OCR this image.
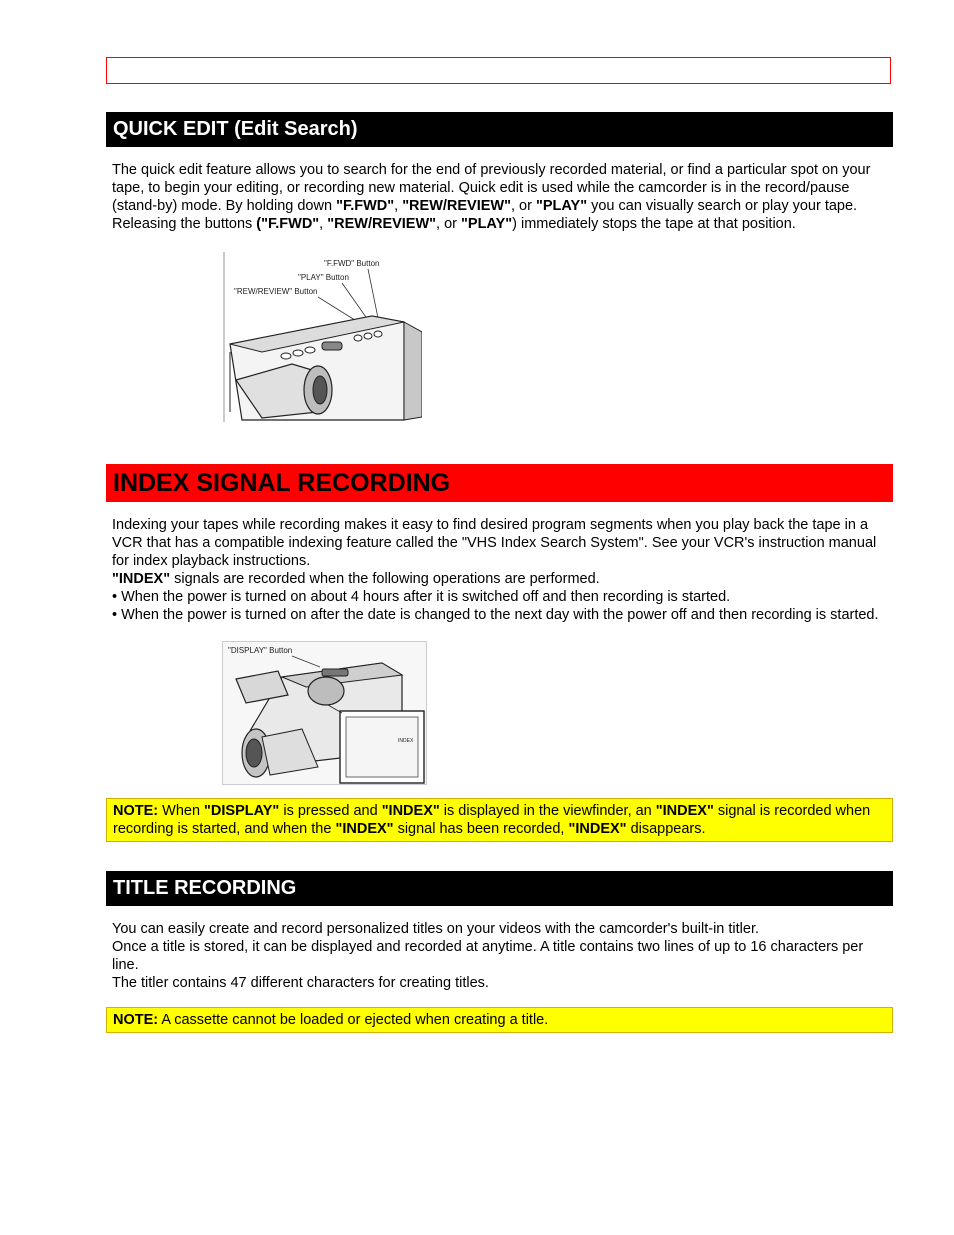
QUICK EDIT (Edit Search)

The quick edit feature allows you to search for the end of previously recorded material, or find a particular spot on your tape, to begin your editing, or recording new material. Quick edit is used while the camcorder is in the record/pause (stand-by) mode. By holding down "F.FWD", "REW/REVIEW", or "PLAY" you can visually search or play your tape. Releasing the buttons ("F.FWD", "REW/REVIEW", or "PLAY") immediately stops the tape at that position.

"F.FWD" Button
"PLAY" Button
"REW/REVIEW" Button
INDEX SIGNAL RECORDING

Indexing your tapes while recording makes it easy to find desired program segments when you play back the tape in a VCR that has a compatible indexing feature called the "VHS Index Search System". See your VCR's instruction manual for index playback instructions.

"INDEX" signals are recorded when the following operations are performed.

• When the power is turned on about 4 hours after it is switched off and then recording is started.

• When the power is turned on after the date is changed to the next day with the power off and then recording is started.

"DISPLAY" Button
INDEX
NOTE: When "DISPLAY" is pressed and "INDEX" is displayed in the viewfinder, an "INDEX" signal is recorded when recording is started, and when the "INDEX" signal has been recorded, "INDEX" disappears.
TITLE RECORDING

You can easily create and record personalized titles on your videos with the camcorder's built-in titler.

Once a title is stored, it can be displayed and recorded at anytime. A title contains two lines of up to 16 characters per line.

The titler contains 47 different characters for creating titles.

NOTE: A cassette cannot be loaded or ejected when creating a title.
